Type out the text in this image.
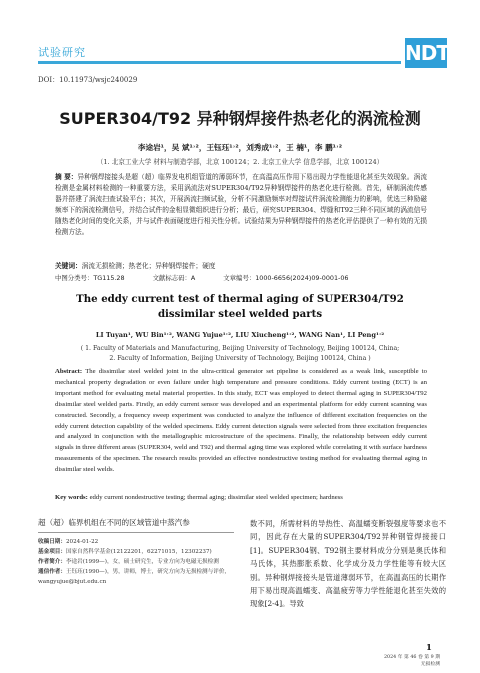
试验研究	NDT
DOI：10.11973/wsjc240029
SUPER304/T92 异种钢焊接件热老化的涡流检测
李途岩¹，吴 斌¹˒²，王钰珏¹˒²，刘秀成¹˒²，王 楠¹，李 鹏¹˒²
（1. 北京工业大学 材料与制造学部，北京 100124；2. 北京工业大学 信息学部，北京 100124）
摘 要：异种钢焊接接头是超（超）临界发电机组管道的薄弱环节，在高温高压作用下易出现力学性能退化甚至失效现象。涡流检测是金属材料检测的一种重要方法，采用涡流法对SUPER304/T92异种钢焊接件的热老化进行检测。首先，研制涡流传感器并搭建了涡流扫查试验平台；其次，开展涡流扫频试验，分析不同激励频率对焊接试件涡流检测能力的影响，优选三种励磁频率下的涡流检测信号，并结合试件的金相显微组织进行分析；最后，研究SUPER304、焊缝和T92三种不同区域的涡流信号随热老化时间的变化关系，并与试件表面硬度进行相关性分析。试验结果为异种钢焊接件的热老化评估提供了一种有效的无损检测方法。
关键词：涡流无损检测；热老化；异种钢焊接件；硬度
中图分类号：TG115.28	文献标志码：A	文章编号：1000-6656(2024)09-0001-06
The eddy current test of thermal aging of SUPER304/T92 dissimilar steel welded parts
LI Tuyan¹, WU Bin¹˒², WANG Yujue¹˒², LIU Xiucheng¹˒², WANG Nan¹, LI Peng¹˒²
( 1. Faculty of Materials and Manufacturing, Beijing University of Technology, Beijing 100124, China;
2. Faculty of Information, Beijing University of Technology, Beijing 100124, China )
Abstract: The dissimilar steel welded joint in the ultra-critical generator set pipeline is considered as a weak link, susceptible to mechanical property degradation or even failure under high temperature and pressure conditions. Eddy current testing (ECT) is an important method for evaluating metal material properties. In this study, ECT was employed to detect thermal aging in SUPER304/T92 dissimilar steel welded parts. Firstly, an eddy current sensor was developed and an experimental platform for eddy current scanning was constructed. Secondly, a frequency sweep experiment was conducted to analyze the influence of different excitation frequencies on the eddy current detection capability of the welded specimens. Eddy current detection signals were selected from three excitation frequencies and analyzed in conjunction with the metallographic microstructure of the specimens. Finally, the relationship between eddy current signals in three different areas (SUPER304, weld and T92) and thermal aging time was explored while correlating it with surface hardness measurements of the specimen. The research results provided an effective nondestructive testing method for evaluating thermal aging in dissimilar steel welds.
Key words: eddy current nondestructive testing; thermal aging; dissimilar steel welded specimen; hardness
超（超）临界机组在不同的区域管道中蒸汽参
收稿日期：2024-01-22
基金项目：国家自然科学基金(12122201，62271015，12302237)
作者简介：李途岩(1999—)，女，硕士研究生，专业方向为电磁无损检测
通信作者：王钰珏(1990—)，男，讲师，博士，研究方向为无损检测与评价，wangyujue@bjut.edu.cn
数不同，所需材料的导热性、高温蠕变断裂强度等要求也不同，因此存在大量的SUPER304/T92异种钢管焊接接口[1]。SUPER304钢、T92钢主要材料成分分别是奥氏体和马氏体，其热膨胀系数、化学成分及力学性能等有较大区别。异种钢焊接接头是管道薄弱环节，在高温高压的长期作用下易出现高温蠕变、高温疲劳等力学性能退化甚至失效的现象[2-4]。导致
1
2024 年 第 46 卷 第 9 期
无损检测
